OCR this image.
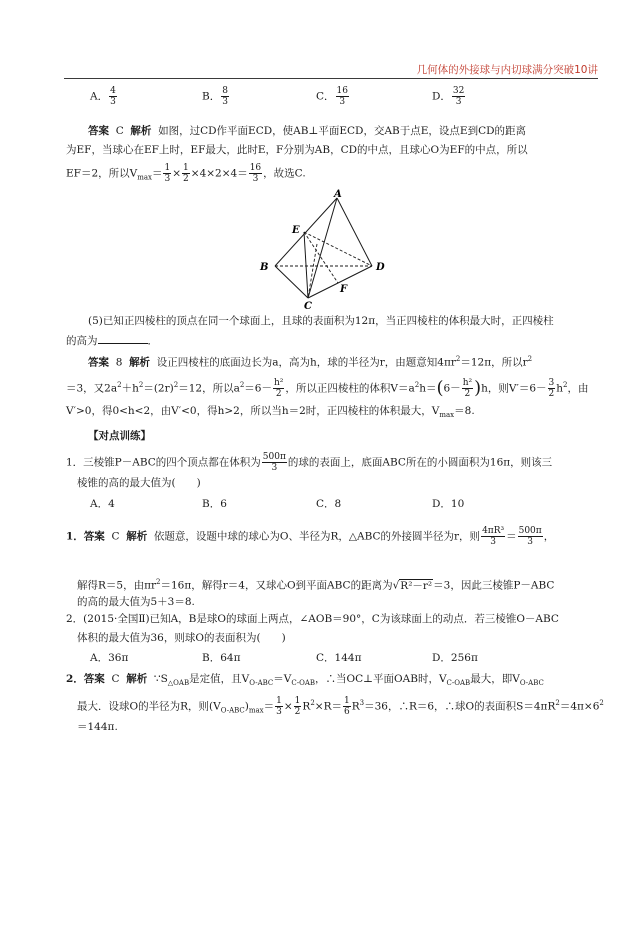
几何体的外接球与内切球满分突破10讲
A． $\frac{4}{3}$	B． $\frac{8}{3}$	C． $\frac{16}{3}$	D． $\frac{32}{3}$
答案 C 解析 如图，过CD作平面ECD，使AB⊥平面ECD，交AB于点E，设点E到CD的距离
为EF，当球心在EF上时，EF最大，此时E，F分别为AB，CD的中点，且球心O为EF的中点，所以
EF＝2，所以$V_{max}= \frac{1}{3} \times \frac{1}{2} \times 4\times 2\times 4= \frac{16}{3}$ ，故选C.
A
B
C
D
E
F
(5)已知正四棱柱的顶点在同一个球面上，且球的表面积为12π，当正四棱柱的体积最大时，正四棱柱
的高为	．
答案 8 解析 设正四棱柱的底面边长为a，高为h，球的半径为r，由题意知$4\pi r^2=12\pi$，所以$r^2$
＝3，又$2a^2+h^2=(2r)^2=12$，所以$a^2=6- \frac{\text{h²}}{2}$ ，所以正四棱柱的体积$V=a^2h=(6- \frac{\text{h²}}{2} )h$，则$V'=6- \frac{3}{2} h^2$，由
V′>0，得0<h<2，由V′<0，得h>2，所以当h＝2时，正四棱柱的体积最大，$V_{max}=8$.
【对点训练】
1．三棱锥P－ABC的四个顶点都在体积为 $\frac{500\pi}{3}$ 的球的表面上，底面ABC所在的小圆面积为16π，则该三
棱锥的高的最大值为(　　)
A．4	B．6	C．8	D．10
1．答案 C 解析 依题意，设题中球的球心为O、半径为R，△ABC的外接圆半径为r，则 $\frac{\text{4πR³}}{3} = \frac{500\pi}{3}$ ，
解得R＝5，由$\pi r^2=16\pi$，解得r＝4，又球心O到平面ABC的距离为√R²－r²＝3，因此三棱锥P－ABC
的高的最大值为5＋3＝8.
2．(2015·全国Ⅱ)已知A，B是球O的球面上两点，∠AOB＝90°，C为该球面上的动点．若三棱锥O－ABC
体积的最大值为36，则球O的表面积为(　　)
A．36π	B．64π	C．144π	D．256π
2．答案 C 解析 $\because S_{\triangle OAB}$是定值，且$V_{O-ABC}=V_{C-OAB}$，∴当OC⊥平面OAB时，$V_{C-OAB}$最大，即$V_{O-ABC}$
最大．设球O的半径为R，则$(V_{O-ABC})_{max}= \frac{1}{3} \times \frac{1}{2} R^2\times R= \frac{1}{6} R^3=36$，∴R＝6，∴球O的表面积$S=4\pi R^2=4\pi\times 6^2$
＝144π.
